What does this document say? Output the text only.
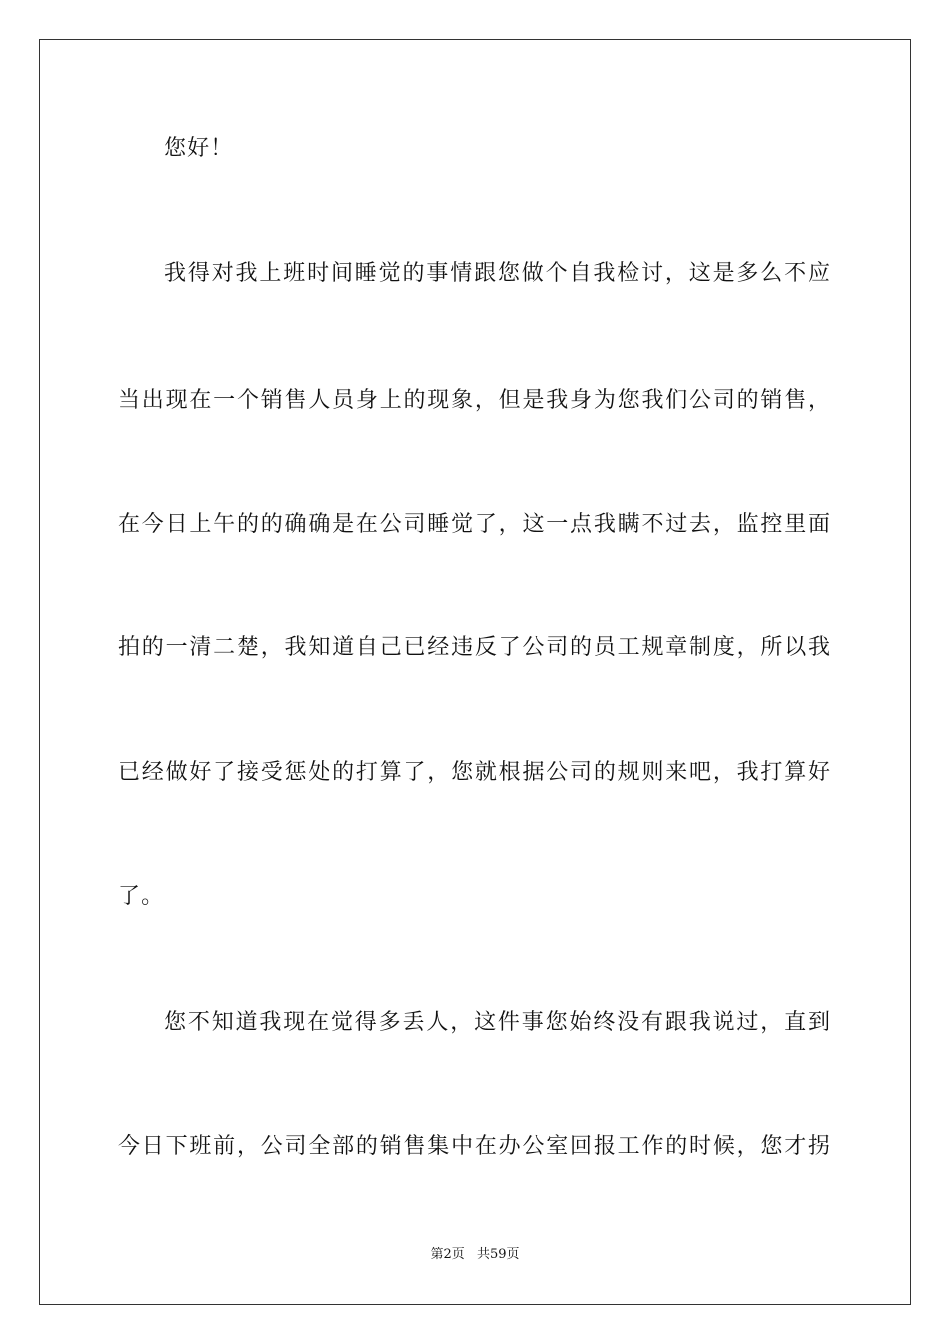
您好！
我得对我上班时间睡觉的事情跟您做个自我检讨，这是多么不应
当出现在一个销售人员身上的现象，但是我身为您我们公司的销售，
在今日上午的的确确是在公司睡觉了，这一点我瞒不过去，监控里面
拍的一清二楚，我知道自己已经违反了公司的员工规章制度，所以我
已经做好了接受惩处的打算了，您就根据公司的规则来吧，我打算好
了。
您不知道我现在觉得多丢人，这件事您始终没有跟我说过，直到
今日下班前，公司全部的销售集中在办公室回报工作的时候，您才拐
第2页 共59页
